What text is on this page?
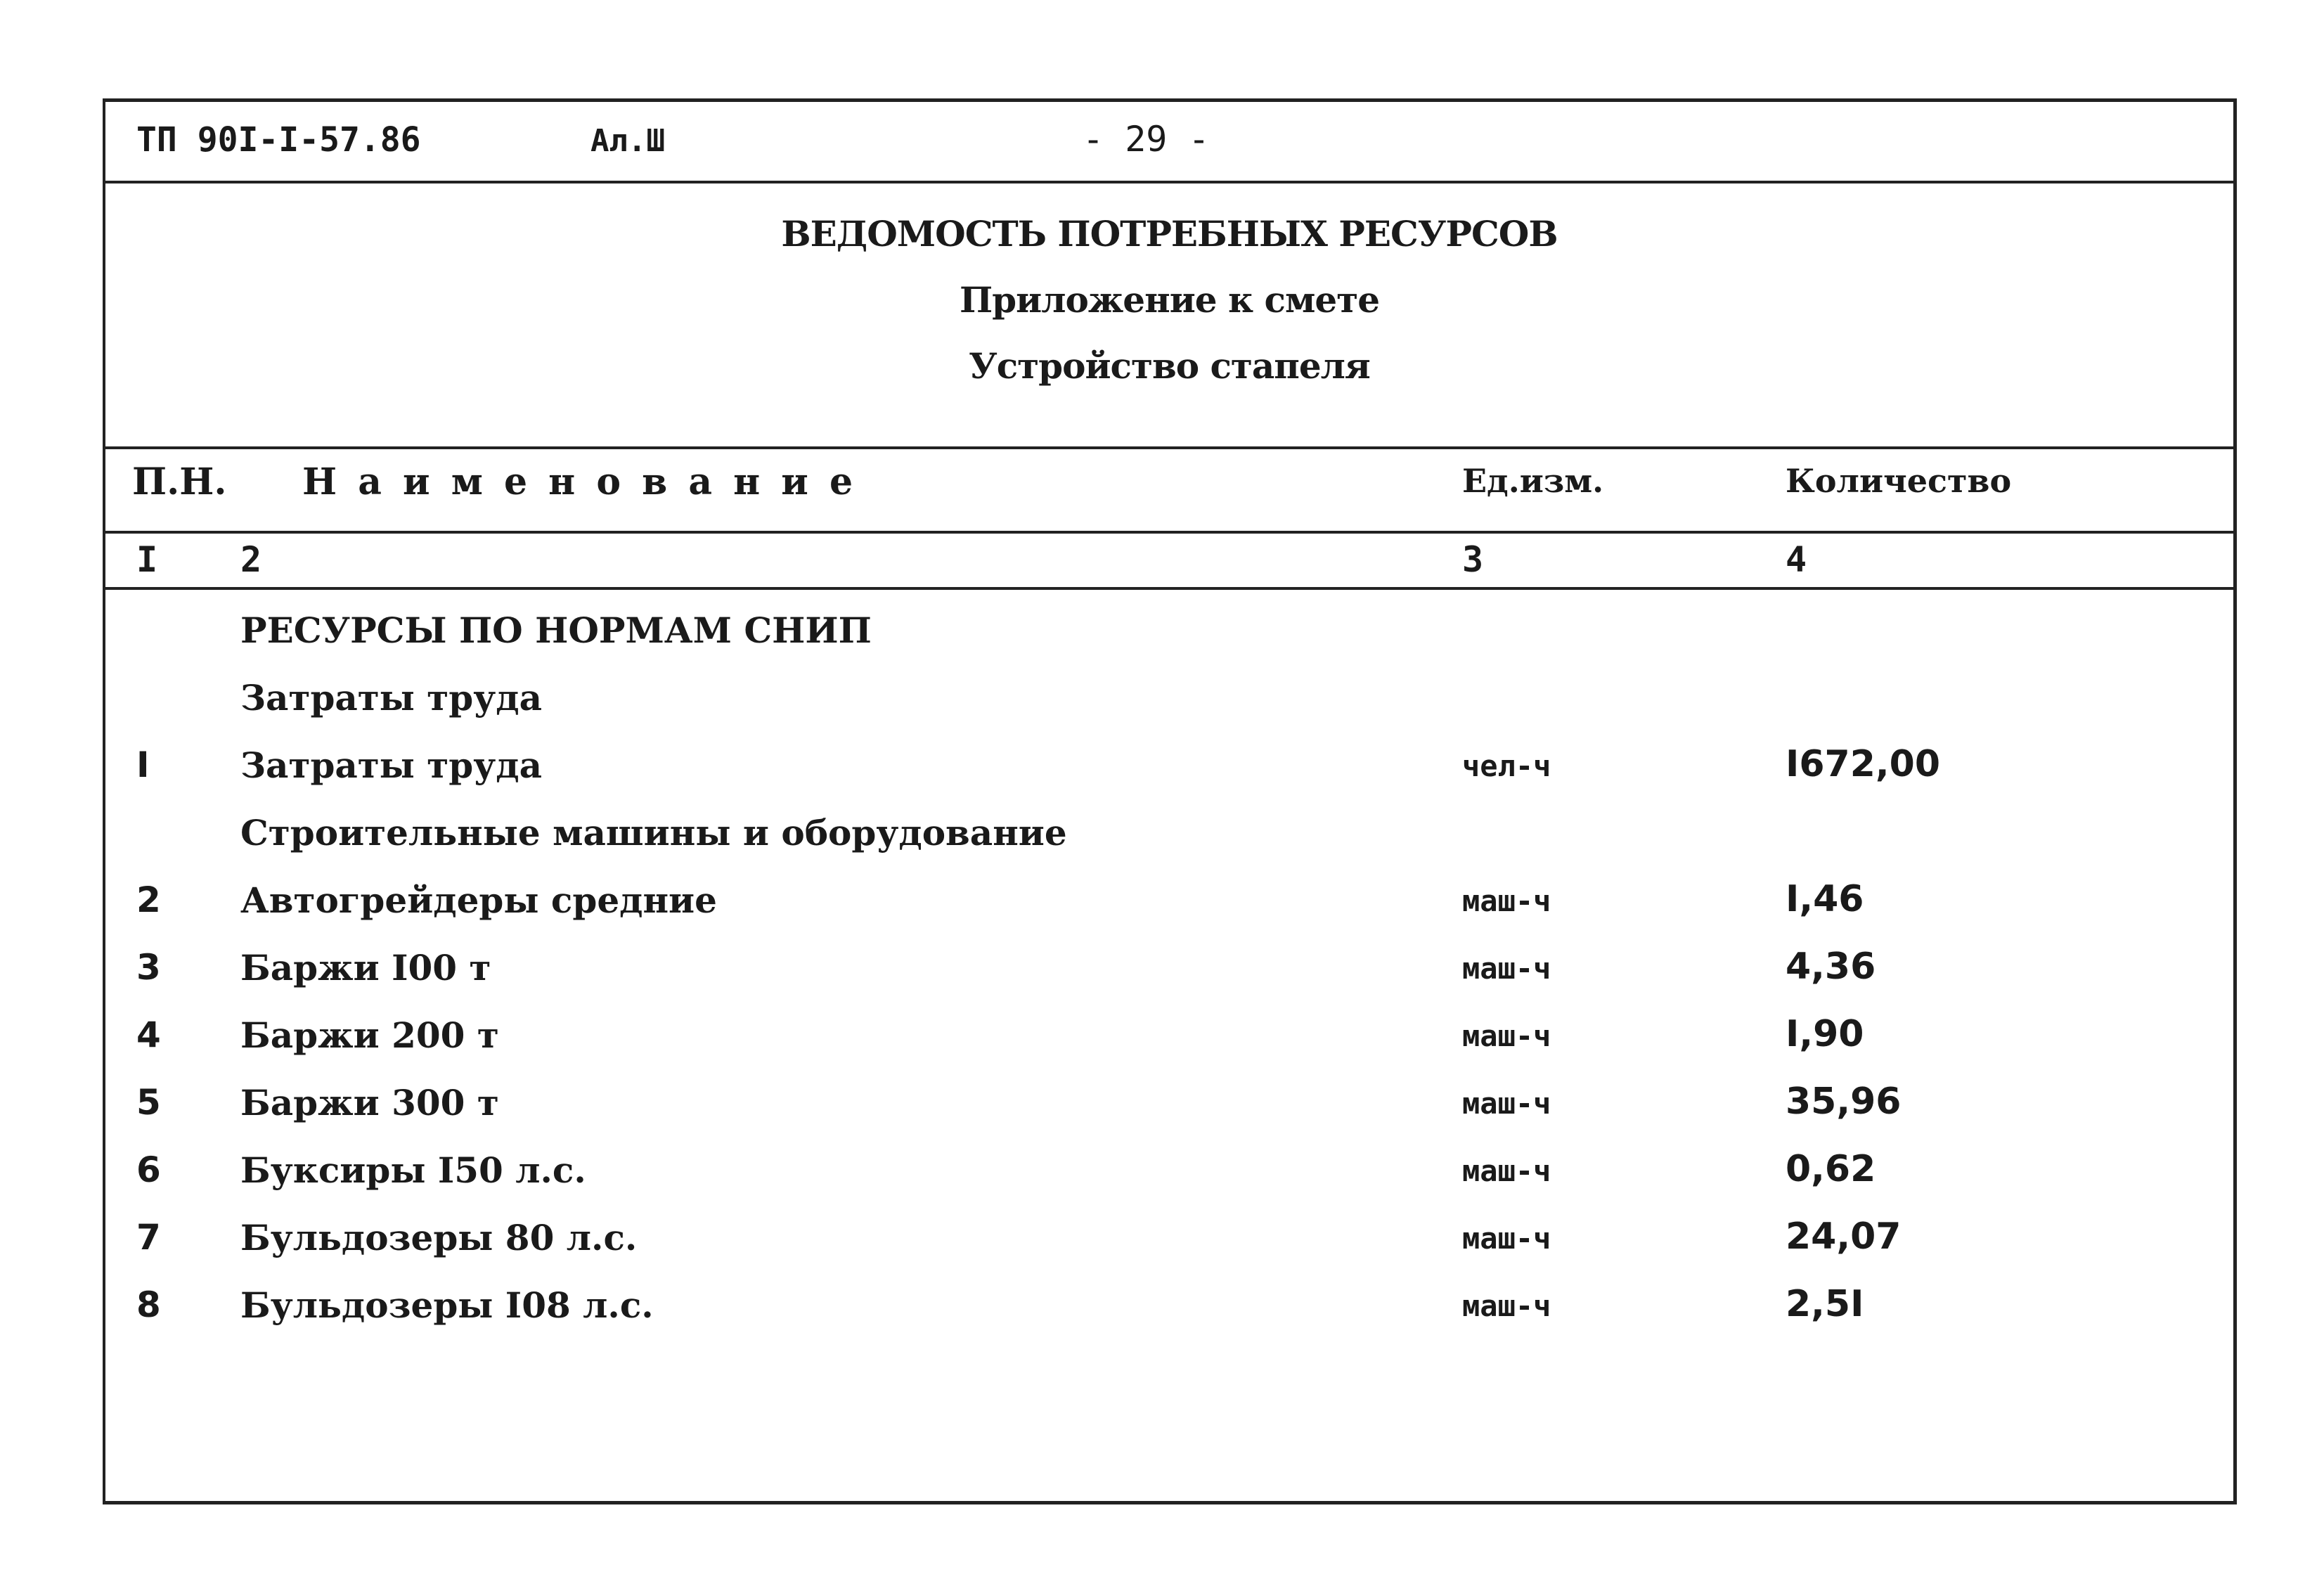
ТП 90I-I-57.86	Ал.Ш	- 29 -
ВЕДОМОСТЬ ПОТРЕБНЫХ РЕСУРСОВ
Приложение к смете
Устройство стапеля
П.Н. Н а и м е н о в а н и е	Ед.изм.	Количество
I 2	3	4
РЕСУРСЫ ПО НОРМАМ СНИП
Затраты труда
I	Затраты труда	чел-ч	I672,00
Строительные машины и оборудование
2 Автогрейдеры средние	маш-ч	I,46
3 Баржи I00 т	маш-ч	4,36
4 Баржи 200 т	маш-ч	I,90
5 Баржи 300 т	маш-ч	35,96
6 Буксиры I50 л.с.	маш-ч	0,62
7 Бульдозеры 80 л.с.	маш-ч	24,07
8 Бульдозеры I08 л.с.	маш-ч	2,5I
